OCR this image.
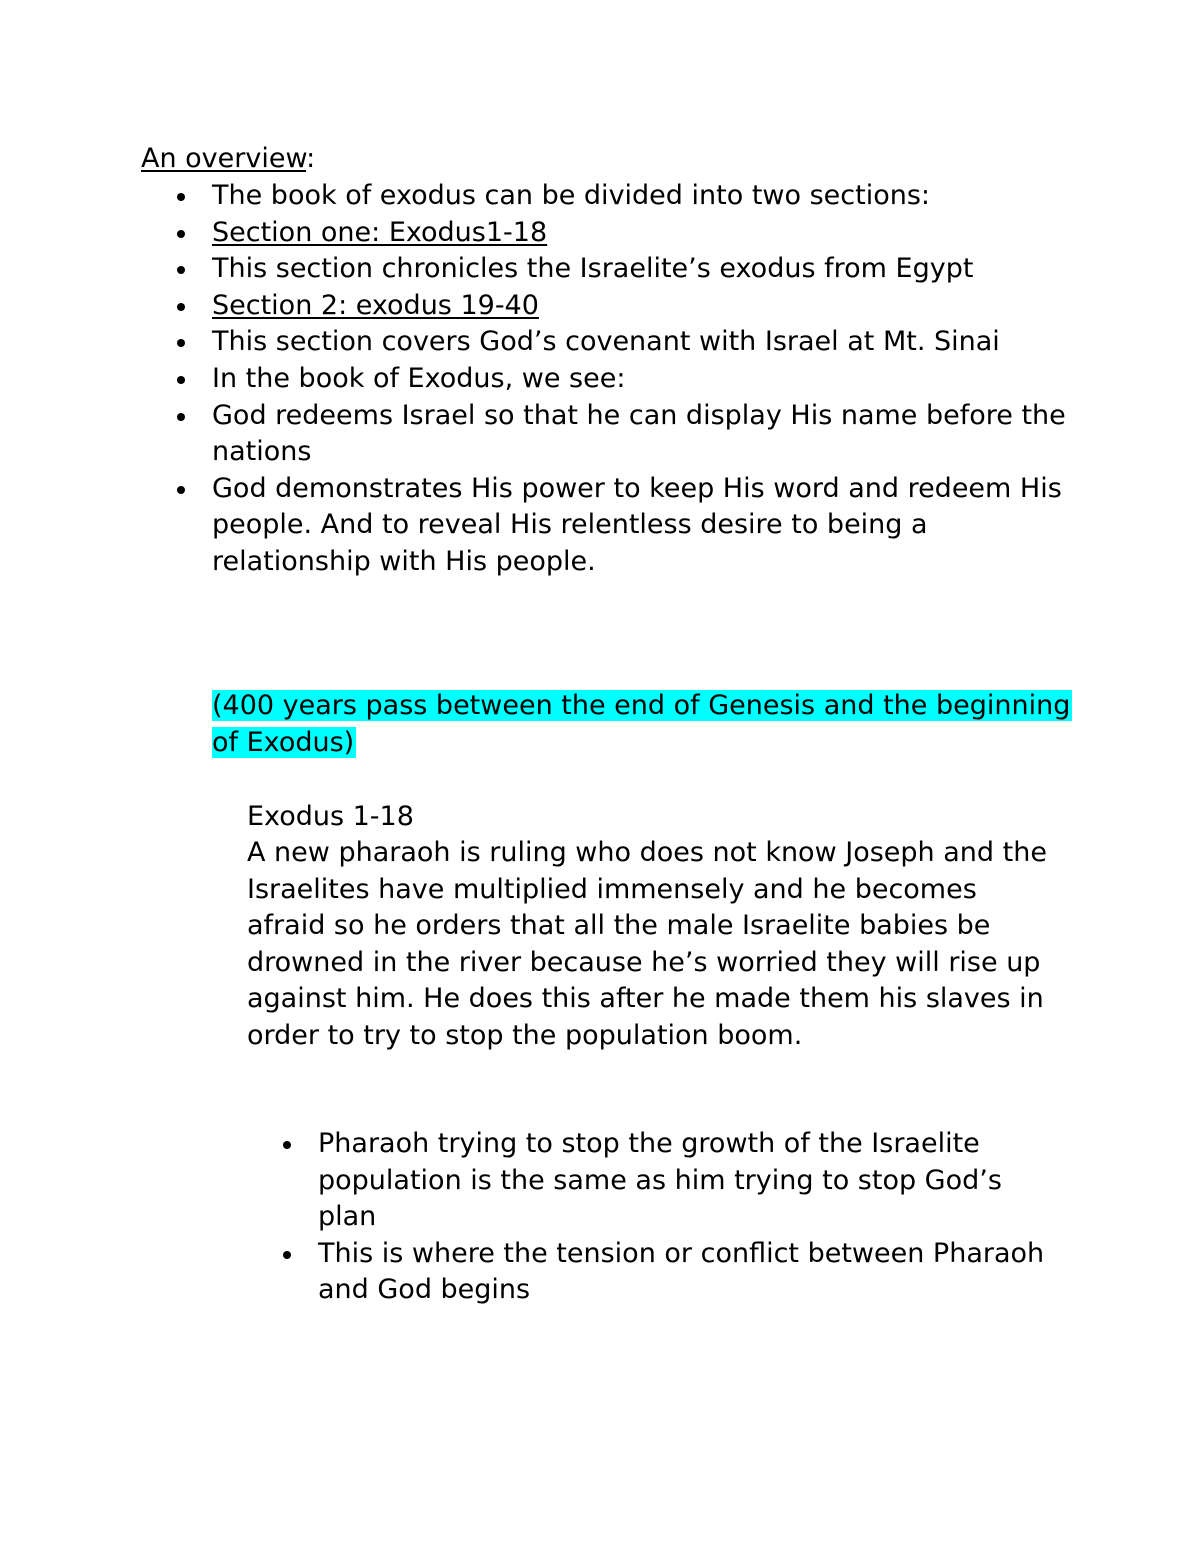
An overview:
The book of exodus can be divided into two sections:
Section one: Exodus1-18
This section chronicles the Israelite’s exodus from Egypt
Section 2: exodus 19-40
This section covers God’s covenant with Israel at Mt. Sinai
In the book of Exodus, we see:
God redeems Israel so that he can display His name before the nations
God demonstrates His power to keep His word and redeem His people. And to reveal His relentless desire to being a relationship with His people.
(400 years pass between the end of Genesis and the beginning of Exodus)
Exodus 1-18
A new pharaoh is ruling who does not know Joseph and the Israelites have multiplied immensely and he becomes afraid so he orders that all the male Israelite babies be drowned in the river because he’s worried they will rise up against him. He does this after he made them his slaves in order to try to stop the population boom.
Pharaoh trying to stop the growth of the Israelite population is the same as him trying to stop God’s plan
This is where the tension or conflict between Pharaoh and God begins
